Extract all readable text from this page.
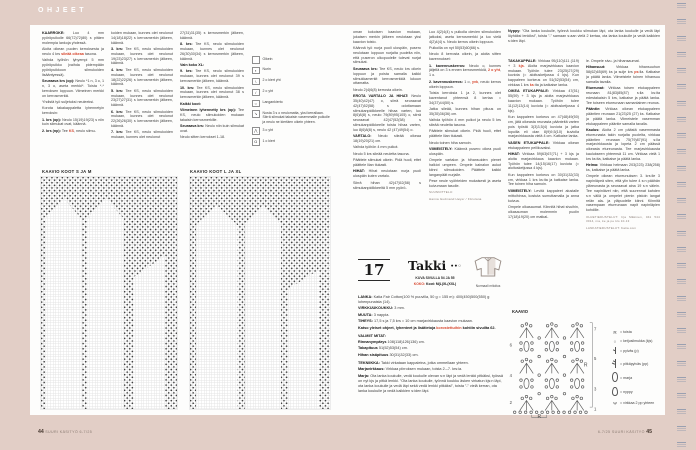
OHJEET

KAARROKE: Luo 4 mm pyöröpuikolle 66(72)72(80) s pitäen molempia lankoja yhdessä.

Aloita oikean puolen kerroksesta ja neulo 4 krs sileää oikeaa tasona.

Vaihda työhön lyhyempi 5 mm pyöröpuikko (vaihda pidempään pyöröpuikkoon silmukoiden lisääntyessä).

Seuraava krs (op): Neulo *1 n, 3 o, 1 n, 3 o, aseta merkki*. Toista *-* kerroksen loppuun. Viimeinen merkki on kerrosmerkki.

Yhdistä työ suljetuksi neuleeksi.

Korota takakappaletta lyhennetyin kerroksin:

1. krs (op): Neulo 15(19)19(23) s niin kuin silmukat ovat, käännä.

2. krs (np): Tee KS, neulo silmu-

koiden mukaan, kunnes olet neulonut 14(18)18(22) s kerrosmerkin jälkeen, käännä.

3. krs: Tee KS, neulo silmukoiden mukaan, kunnes olet neulonut 19(23)23(27) s kerrosmerkin jälkeen, käännä.

4. krs: Tee KS, neulo silmukoiden mukaan, kunnes olet neulonut 18(22)22(26) s kerrosmerkin jälkeen, käännä.

5. krs: Tee KS, neulo silmukoiden mukaan, kunnes olet neulonut 23(27)27(31) s kerrosmerkin jälkeen, käännä.

6. krs: Tee KS, neulo silmukoiden mukaan, kunnes olet neulonut 22(26)26(30) s kerrosmerkin jälkeen, käännä.

7. krs: Tee KS, neulo silmukoiden mukaan, kunnes olet neulonut

27(31)31(35) s kerrosmerkin jälkeen, käännä.

8. krs: Tee KS, neulo silmukoiden mukaan, kunnes olet neulonut 26(30)30(34) s kerrosmerkin jälkeen, käännä.

Vain koko XL:

9. krs: Tee KS, neulo silmukoiden mukaan, kunnes olet neulonut 39 s kerrosmerkin jälkeen, käännä.

10. krs: Tee KS, neulo silmukoiden mukaan, kunnes olet neulonut 38 s kerrosmerkin jälkeen, käännä.

Kaikki koot:

Viimeinen lyhennetty krs (op): Tee KS, neulo silmukoiden mukaan takaisin kerrosmerkille.

Seuraava krs: Neulo niin kuin silmukat ovat.

Neulo sitten kerrokset 1-18.

Oikein
▪	Nurin
\	2 o kiert yht
/	2 o yht
○	Langankierto
↘	Nosta 3 s o neulomatta, yksi kerrallaan. Siirrä silmukat takaisin vasemmalle puikolle ja neulo ne kiertäen oikein yhteen.
⋀	3 o yht
Ω	1 o kiert
KAAVIO KOOT S JA M	KAAVIO KOOT L JA XL

oman kokoisen kaavion mukaan, jokaisen merkin jälkeen neulotaan yksi kaavion toisto.

Käännä työ nurja puoli ulospäin, pusero neulotaan loppuun nurjalta puolelta niin, että puseron ulkopuolelle tulevat nurjat silmukat.

Seuraava krs: Tee KS, neulo krs oikein loppuun ja poista samalla kaikki silmukkamerkit kerrosmerkkiä lukuun ottamatta.

Neulo 2(4)6(8) kerrosta oikein.

EROTA VARTALO JA HIHAT: Neulo 35(40)42(47) o, siirrä seuraavat 42(47)52(58) s odottamaan silmukanpidikkeelle hihaa varten, luo 8(6)8(8) s, neulo 79(89)95(105) o, siirrä seuraavat 42(47)52(58) s silmukanpidikkeelle toista hihaa varten, luo 8(6)8(8) s, neulo 42 (47)49(54) o.

VARTALO: Neulo sileää oikeaa 18(19)20(21) cm.

Vaihda työhön 4 mm puikot.

Neulo 5 krs sileää neuletta tasona.

Päättele silmukat oikein. Pidä huoli, ettet päättele liian tiukasti.

HIHAT: Hihat neulotaan nurja puoli ulospäin kuten vartalo.

Siirrä hihan 42(47)52(58) s silmukanpidikkeeltä 5 mm pyörö-

Luo 4(2)4(4) s puikolla olevien silmukoiden jatkoksi, aseta kerrosmerkki ja luo vielä 4(2)4(4) s. Neulo kerros oikein loppuun.

Puikoilla on nyt 50(53)60(66) s.

Neulo 8 kerrosta oikein, ja aloita sitten kavennukset:

1. kavennuskerros: Neulo o, kunnes jäljellä on 3 s ennen kerrosmerkkiä, 2 o yht, 1 o.

2. kavennuskerros: 1 o, yvk, neulo kerros oikein loppuun.

Toista kerroksia 1 ja 2, kunnes olet kaventanut yhteensä 8 kertaa = 34(37)44(50) s.

Jatka sileää, kunnes hihan pituus on 35(35)36(36) cm.

Vaihda työhön 4 mm puikot ja neulo 5 krs sileää neuletta tasona.

Päättele silmukat oikein. Pidä huoli, ettet päättele liian tiukasti.

Neulo toinen hiha samoin.

VIIMEISTELY: Käännä pusero oikea puoli ulospäin.

Ompele vartalon ja hihansuiden pienet halkiot umpeen. Ompele kainalon aukot kiinni silmukoiden. Päättele kaikki langanpäät nurjalle.

Pese neule vyöhteiden mukaisesti ja aseta kuivumaan tasolle.

SUUNNITTELU:

Hanna Gudmand Høyer / Filcolana

Nyppy: ”Ota lanka koukulle, työnnä koukku silmukan läpi, ota lanka koukulle ja vedä läpi löyhäksi lenkiksi”, toista ”-” samaan s:aan vielä 2 kertaa, ota lanka koukulle ja vedä kaikkien s:iden läpi.

TAKAKAPPALE: Virkkaa 95(110)111 (119) + 3 kjs. Aloita marjavirkkaus kaavion mukaan. Työhön tulee 23(25)27(29) kuviota (= aloitusketjussa 4 kjs). Kun kappaleen korkeus on 51(52)53(54) cm, virkkaa 1 krs ks:ita ja katkaise lanka.

OIKEA ETUKAPPALE: Virkkaa 47(51) 55(59) + 3 kjs ja aloita marjavirkkaus kaavion mukaan. Työhön tulee 11(12)13(14) kuviota (= aloitusketjussa 4 kjs).

Kun kappaleen korkeus on 47(48)49(50) cm, jätä oikeasta reunasta päänteitä varten pois työstä 3(3)3,5(4) kuviota ja jatka lopuilla eli olan 8(9)9,5(10) kuviolla marjavirkkausta vielä 4 cm. Katkaise lanka.

VASEN ETUKAPPALE: Virkkaa oikean etukappaleen peilikuvaksi.

HIHAT: Virkkaa 59(63)67(71) + 3 kjs ja aloita marjavirkkaus kaavion mukaan. Työhön tulee 14(15)16(17) kuviota (= aloitusketjussa 4 kjs).

Kun kappaleen korkeus on 30(31)32(33) cm, virkkaa 1 krs ks:ita ja katkaise lanka. Tee toinen hiha samoin.

VIIMEISTELY: Levitä kappaleet alustalle mittoihinsa, kostuta sumuttamalla ja anna kuivua.

Ompele olkasaumat. Kiinnitä hihat sivuihin, olkasauman molemmin puolin 17(18)19(20) cm matkal-

le. Ompele sivu- ja hihansaumat.

Hihansuut: Virkkaa hihansuuhun 58(62)65(69) ks ja sulje krs ps:lla. Katkaise ja päätä lanka. Viimeistele toinen hihansuu samalla tavalla.

Etureunat: Virkkaa toisen etukappaleen reunaan 81(83)85(87) s:lla ks:ita edestakaisin 5 krs, katkaise ja päätä lanka. Tee toiseen etureunaan samanlainen reunus.

Pääntie: Virkkaa oikean etukappaleen pääntien reunaan 21(23)25 (27) ks. Katkaise ja päätä lanka. Viimeistele vasemman etukappaleen pääntie samalla tavalla.

Kaulus: Aloita 2 cm päästä vasemmasta etureunasta takin nurjalta puolelta, virkkaa pääntien reunaan 75(79)87(91) s:lla marjavirkkausta ja lopeta 2 cm päässä oikeasta etureunasta. Tee marjavirkkausta kaulukseen yhteensä 11 cm. Virkkaa vielä 1 krs ks:ita, katkaise ja päätä lanka.

Helma: Virkkaa helmaan 203(223) 238(258) ks, katkaise ja päätä lanka.

Ompele oikean etureunuksen 3. krs:lle 3 napinläpeä siten, että ylin tulee 4 s:n päähän yläreunasta ja seuraavat aina 19 s:n välein. Tee napinlävet niin, että suurennat kahden s:n väliä ja ompelet pienin pistoin langat reiän ala- ja yläpuolelle kiinni. Kiinnitä vasempaan etureunaan napit napinläpien kohdille.

OHJETIEDUSTELUT: Irja Mäkinen, 041 544 3014, ma, ke ja pe klo 10-13

LANKATIEDUSTELUT: Katia.com

17	Takki ●●○
KUVA SIVULLA 54 JA 55
KOKO: Koot: M(L)XL(XXL)
Normaali mitoitus

LANKA: Katia Fair Cotton(100 % puuvilla, 50 g = 155 m): 400(450)500(550) g lohenpunaista (14).

VIRKKUUKOUKKU: 3 mm.

MUUTA: 3 nappia.

TIHEYS: 17,5 s ja 7,5 krs = 10 cm marjavirkkausta kaavion mukaan.

Katso yleiset ohjeet, lyhenteet ja lisätietoja korostettuihin kohtiin sivuilta 62.

VALMIIT MITAT:

Rinnanympärys 108(118)126(136) cm.

Takapituus 51(52)53(54) cm.

Hihan sisäpituus 30(31)32(33) cm.

TEKNIIKKA: Takki virkataan kappaleina, jotka ommellaan yhteen.

Marjavirkkaus: Virkkaa piirroksen mukaan, toista 2.–7. krs:ia.

Marja: Ota lanka koukulle, vedä koukulle olevan s:n läpi ja vedä lenkki pitkäksi, työssä on nyt kjs ja pitkä lenkki. ”Ota lanka koukulle, työnnä koukku äsken virkatun kjs:n läpi, ota lanka koukulle ja vedä läpi sekä vedä lenkki pitkäksi”, toista ”-” vielä kerran, ota lanka koukulle ja vedä kaikkien s:iden läpi.

KAAVIO
7
5
3
1
6
4
2
R
R
R = toista
○	= ketjusilmukka (kjs)
= pylväs (p)
= pitkäpylväs (pp)
= marja
= nyppy
Ψ = virkkaa 2 pp yhteen
44 SUURI KÄSITYÖ 6-7/25	6-7/25 SUURI KÄSITYÖ 45
